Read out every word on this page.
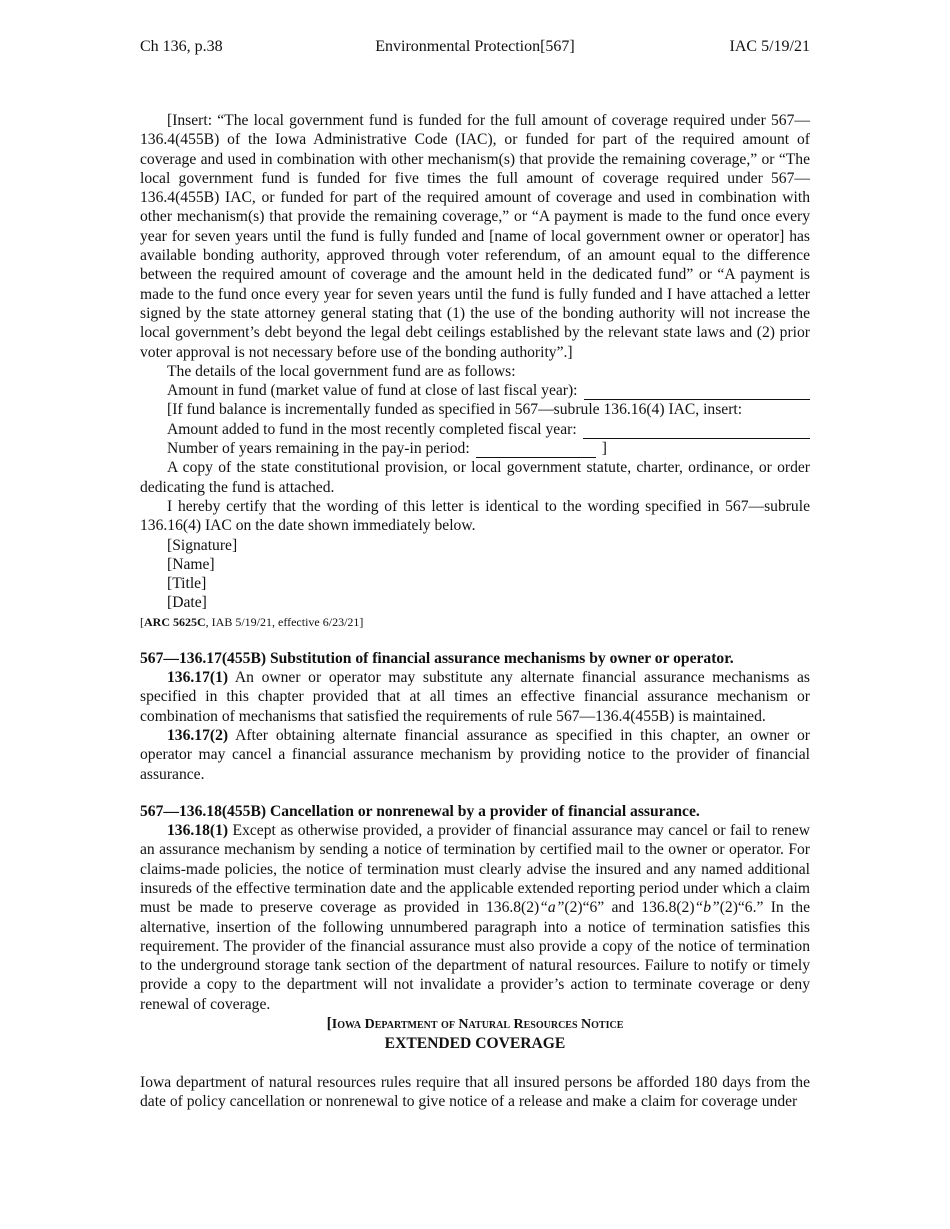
Ch 136, p.38	Environmental Protection[567]	IAC 5/19/21

[Insert: “The local government fund is funded for the full amount of coverage required under 567—136.4(455B) of the Iowa Administrative Code (IAC), or funded for part of the required amount of coverage and used in combination with other mechanism(s) that provide the remaining coverage,” or “The local government fund is funded for five times the full amount of coverage required under 567—136.4(455B) IAC, or funded for part of the required amount of coverage and used in combination with other mechanism(s) that provide the remaining coverage,” or “A payment is made to the fund once every year for seven years until the fund is fully funded and [name of local government owner or operator] has available bonding authority, approved through voter referendum, of an amount equal to the difference between the required amount of coverage and the amount held in the dedicated fund” or “A payment is made to the fund once every year for seven years until the fund is fully funded and I have attached a letter signed by the state attorney general stating that (1) the use of the bonding authority will not increase the local government’s debt beyond the legal debt ceilings established by the relevant state laws and (2) prior voter approval is not necessary before use of the bonding authority”.]

The details of the local government fund are as follows:

Amount in fund (market value of fund at close of last fiscal year):

[If fund balance is incrementally funded as specified in 567—subrule 136.16(4) IAC, insert:

Amount added to fund in the most recently completed fiscal year:

Number of years remaining in the pay-in period:	]

A copy of the state constitutional provision, or local government statute, charter, ordinance, or order dedicating the fund is attached.

I hereby certify that the wording of this letter is identical to the wording specified in 567—subrule 136.16(4) IAC on the date shown immediately below.

[Signature]

[Name]

[Title]

[Date]

[ARC 5625C, IAB 5/19/21, effective 6/23/21]

567—136.17(455B) Substitution of financial assurance mechanisms by owner or operator.

136.17(1) An owner or operator may substitute any alternate financial assurance mechanisms as specified in this chapter provided that at all times an effective financial assurance mechanism or combination of mechanisms that satisfied the requirements of rule 567—136.4(455B) is maintained.

136.17(2) After obtaining alternate financial assurance as specified in this chapter, an owner or operator may cancel a financial assurance mechanism by providing notice to the provider of financial assurance.

567—136.18(455B) Cancellation or nonrenewal by a provider of financial assurance.

136.18(1) Except as otherwise provided, a provider of financial assurance may cancel or fail to renew an assurance mechanism by sending a notice of termination by certified mail to the owner or operator. For claims-made policies, the notice of termination must clearly advise the insured and any named additional insureds of the effective termination date and the applicable extended reporting period under which a claim must be made to preserve coverage as provided in 136.8(2)“a”(2)“6” and 136.8(2)“b”(2)“6.” In the alternative, insertion of the following unnumbered paragraph into a notice of termination satisfies this requirement. The provider of the financial assurance must also provide a copy of the notice of termination to the underground storage tank section of the department of natural resources. Failure to notify or timely provide a copy to the department will not invalidate a provider’s action to terminate coverage or deny renewal of coverage.

[Iowa Department of Natural Resources Notice

EXTENDED COVERAGE

Iowa department of natural resources rules require that all insured persons be afforded 180 days from the date of policy cancellation or nonrenewal to give notice of a release and make a claim for coverage under
